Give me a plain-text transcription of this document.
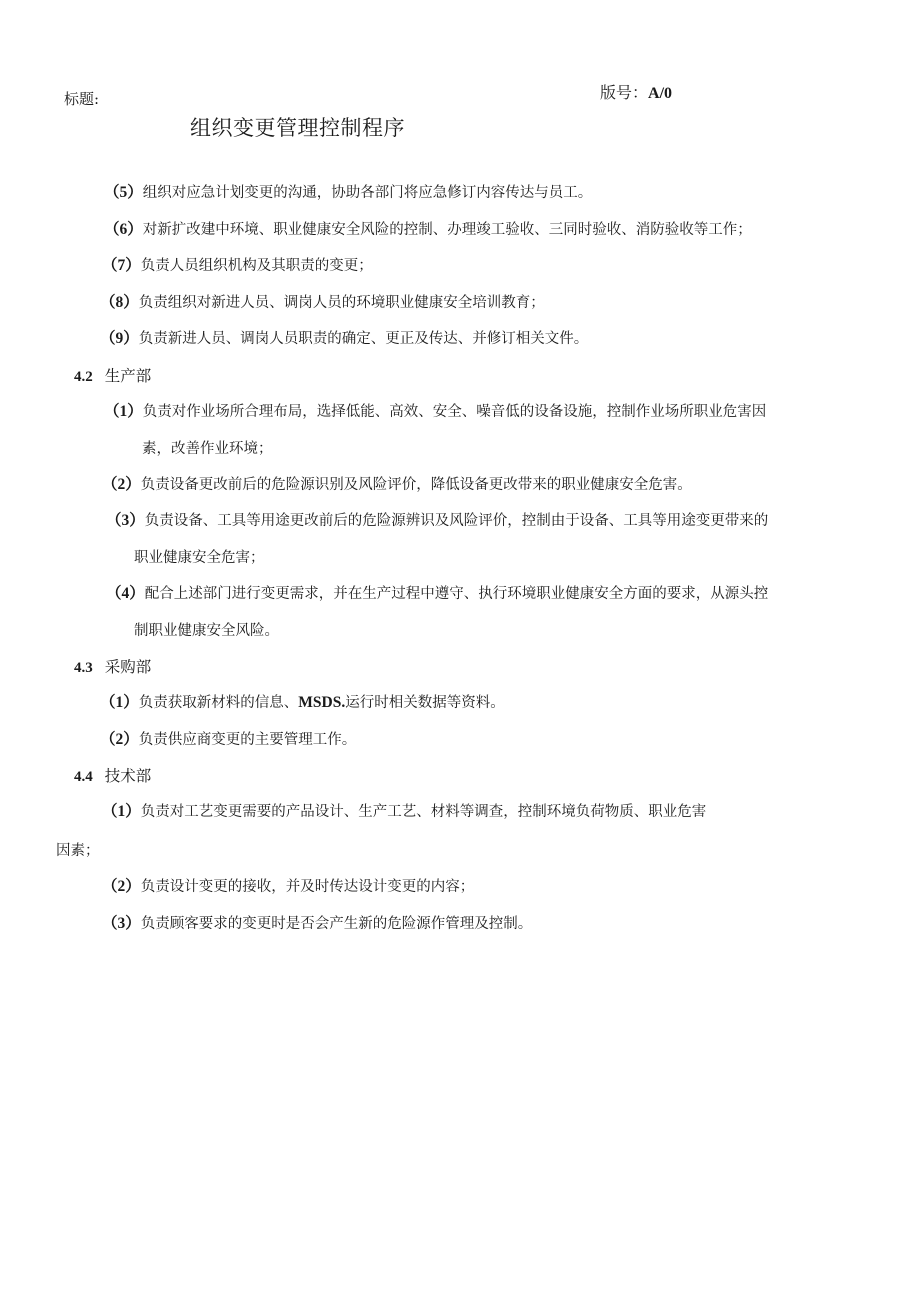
标题:	版号：A/0
组织变更管理控制程序
（5）组织对应急计划变更的沟通，协助各部门将应急修订内容传达与员工。
（6）对新扩改建中环境、职业健康安全风险的控制、办理竣工验收、三同时验收、消防验收等工作；
（7）负责人员组织机构及其职责的变更；
（8）负责组织对新进人员、调岗人员的环境职业健康安全培训教育；
（9）负责新进人员、调岗人员职责的确定、更正及传达、并修订相关文件。
4.2 生产部
（1）负责对作业场所合理布局，选择低能、高效、安全、噪音低的设备设施，控制作业场所职业危害因
素，改善作业环境；
（2）负责设备更改前后的危险源识别及风险评价，降低设备更改带来的职业健康安全危害。
（3）负责设备、工具等用途更改前后的危险源辨识及风险评价，控制由于设备、工具等用途变更带来的
职业健康安全危害；
（4）配合上述部门进行变更需求，并在生产过程中遵守、执行环境职业健康安全方面的要求，从源头控
制职业健康安全风险。
4.3 采购部
（1）负责获取新材料的信息、MSDS.运行时相关数据等资料。
（2）负责供应商变更的主要管理工作。
4.4 技术部
（1）负责对工艺变更需要的产品设计、生产工艺、材料等调查，控制环境负荷物质、职业危害
因素；
（2）负责设计变更的接收，并及时传达设计变更的内容；
（3）负责顾客要求的变更时是否会产生新的危险源作管理及控制。
